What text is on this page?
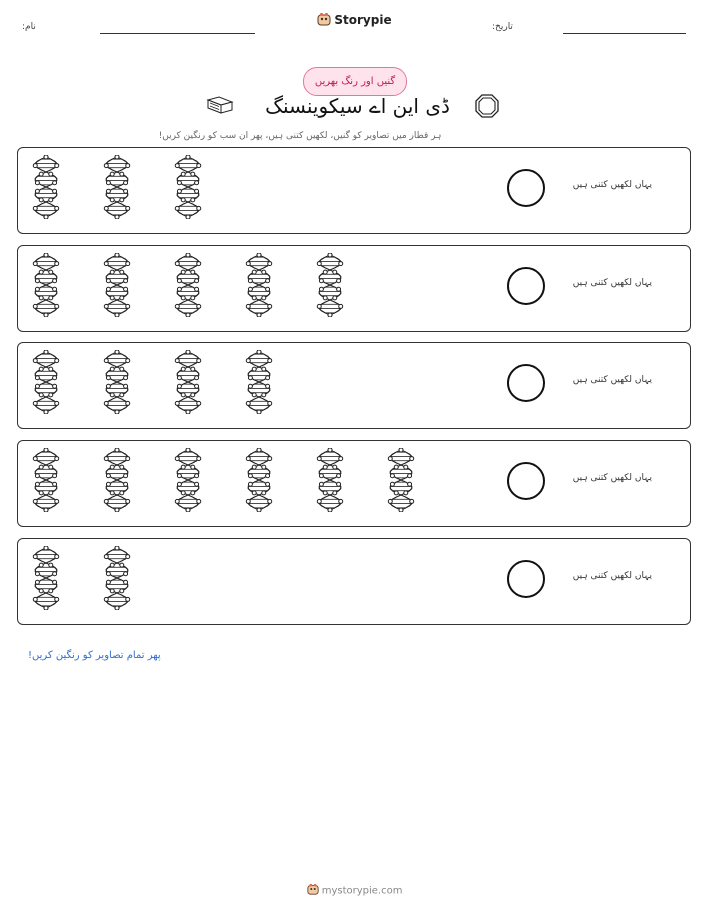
نام:	Storypie	تاریخ:
گنیں اور رنگ بھریں
ڈی این اے سیکوینسنگ
ہر قطار میں تصاویر کو گنیں، لکھیں کتنی ہیں، پھر ان سب کو رنگین کریں!
یہاں لکھیں کتنی ہیں
یہاں لکھیں کتنی ہیں
یہاں لکھیں کتنی ہیں
یہاں لکھیں کتنی ہیں
یہاں لکھیں کتنی ہیں
پھر تمام تصاویر کو رنگین کریں!
mystorypie.com
